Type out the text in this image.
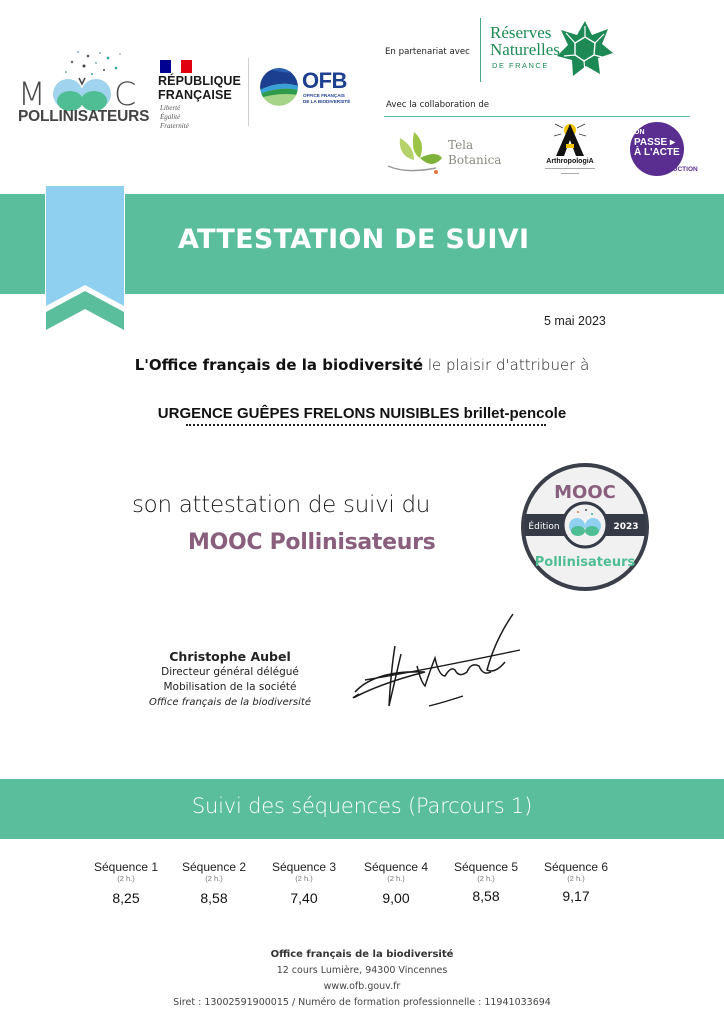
M C
POLLINISATEURS
RÉPUBLIQUE
FRANÇAISE
Liberté
Égalité
Fraternité
OFB
OFFICE FRANÇAIS
DE LA BIODIVERSITÉ
En partenariat avec
Réserves
Naturelles
DE FRANCE
Avec la collaboration de
Tela
Botanica	ArthropologiA
ON
PASSE ▸
À L'ACTE
PRODUCTION
ATTESTATION DE SUIVI
5 mai 2023
L'Office français de la biodiversité le plaisir d'attribuer à
URGENCE GUÊPES FRELONS NUISIBLES brillet-pencole
son attestation de suivi du
MOOC Pollinisateurs
MOOC
Édition	2023
Pollinisateurs
Christophe Aubel
Directeur général délégué
Mobilisation de la société
Office français de la biodiversité
Suivi des séquences (Parcours 1)
Séquence 1
(2 h.)
8,25
Séquence 2
(2 h.)
8,58
Séquence 3
(2 h.)
7,40
Séquence 4
(2 h.)
9,00
Séquence 5
(2 h.)
8,58
Séquence 6
(2 h.)
9,17
Office français de la biodiversité
12 cours Lumière, 94300 Vincennes
www.ofb.gouv.fr
Siret : 13002591900015 / Numéro de formation professionnelle : 11941033694
